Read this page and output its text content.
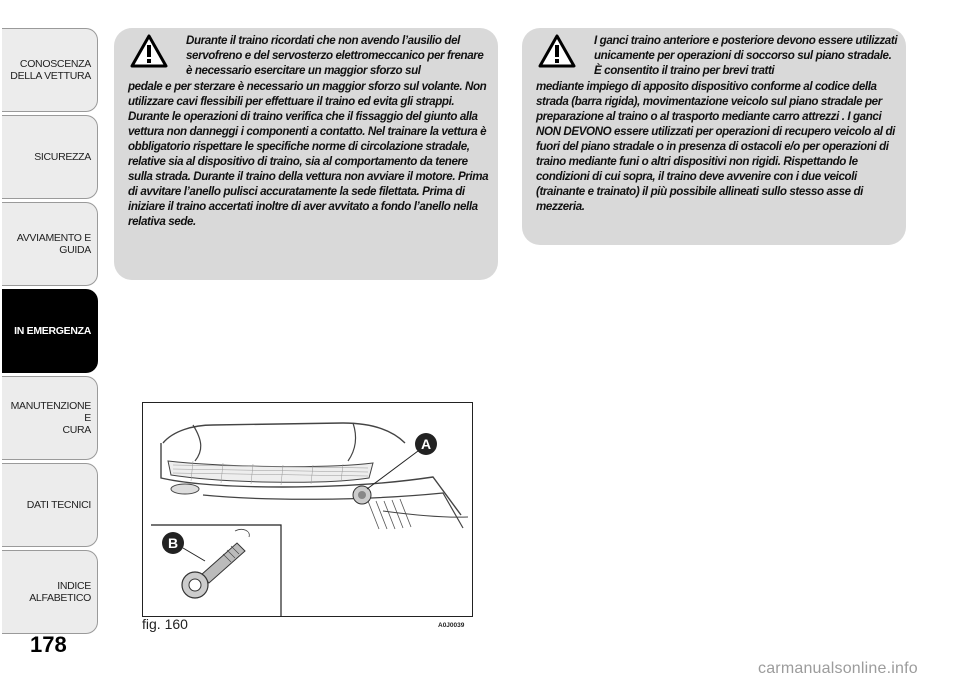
CONOSCENZA
DELLA VETTURA
SICUREZZA
AVVIAMENTO E
GUIDA
IN EMERGENZA
MANUTENZIONE E
CURA
DATI TECNICI
INDICE ALFABETICO
178
Durante il traino ricordati che non avendo l’ausilio del servofreno e del servosterzo elettromeccanico per frenare è necessario esercitare un maggior sforzo sul
pedale e per sterzare è necessario un maggior sforzo sul volante. Non utilizzare cavi flessibili per effettuare il traino ed evita gli strappi. Durante le operazioni di traino verifica che il fissaggio del giunto alla vettura non danneggi i componenti a contatto. Nel trainare la vettura è obbligatorio rispettare le specifiche norme di circolazione stradale, relative sia al dispositivo di traino, sia al comportamento da tenere sulla strada. Durante il traino della vettura non avviare il motore. Prima di avvitare l’anello pulisci accuratamente la sede filettata. Prima di iniziare il traino accertati inoltre di aver avvitato a fondo l’anello nella relativa sede.
I ganci traino anteriore e posteriore devono essere utilizzati unicamente per operazioni di soccorso sul piano stradale. È consentito il traino per brevi tratti
mediante impiego di apposito dispositivo conforme al codice della strada (barra rigida), movimentazione veicolo sul piano stradale per preparazione al traino o al trasporto mediante carro attrezzi . I ganci NON DEVONO essere utilizzati per operazioni di recupero veicolo al di fuori del piano stradale o in presenza di ostacoli e/o per operazioni di traino mediante funi o altri dispositivi non rigidi. Rispettando le condizioni di cui sopra, il traino deve avvenire con i due veicoli (trainante e trainato) il più possibile allineati sullo stesso asse di mezzeria.
A
B
fig. 160	A0J0039
carmanualsonline.info
